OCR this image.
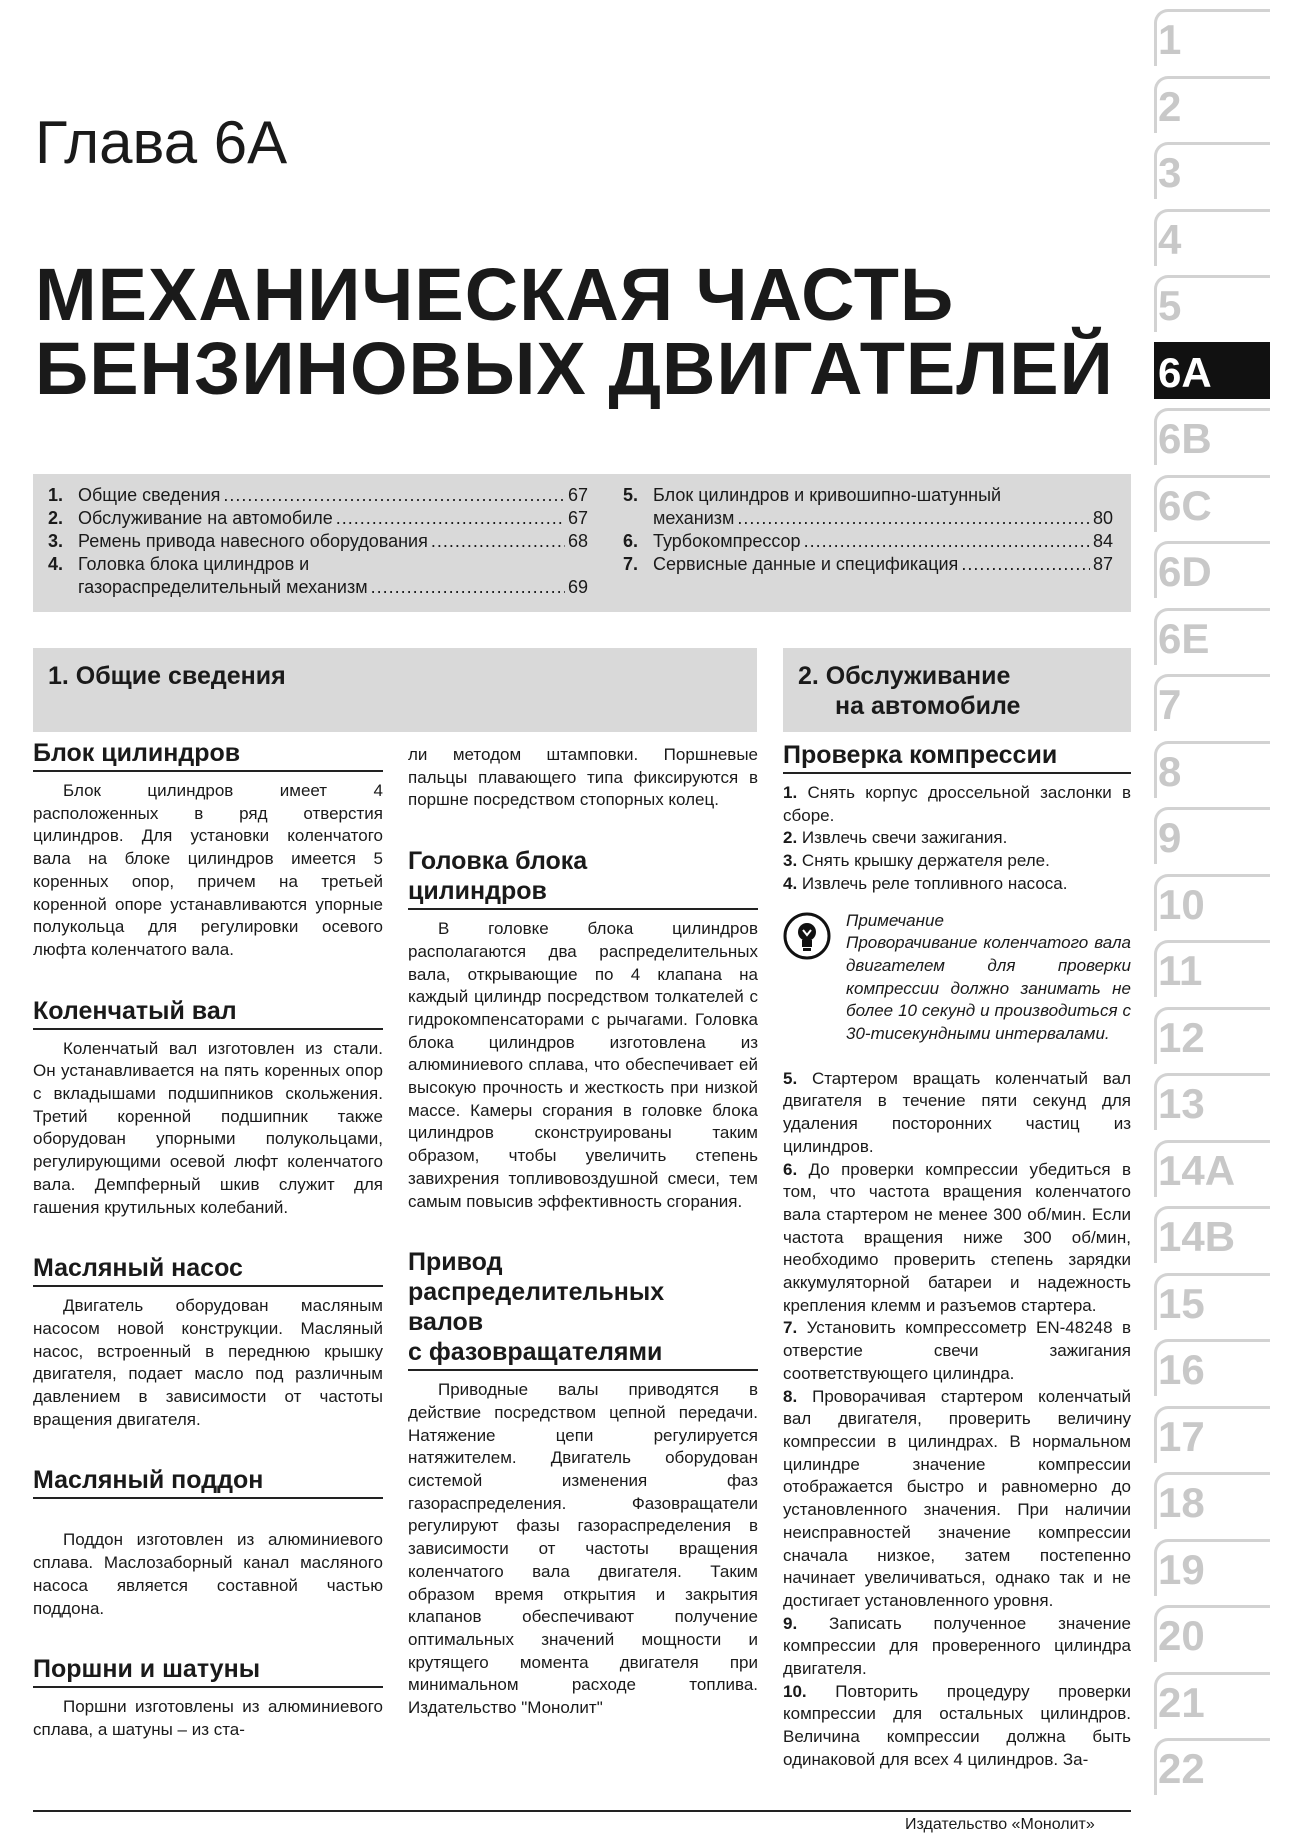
Глава 6А
МЕХАНИЧЕСКАЯ ЧАСТЬ
БЕНЗИНОВЫХ ДВИГАТЕЛЕЙ
1. Общие сведения .....	67
2. Обслуживание на автомобиле .....	67
3. Ремень привода навесного оборудования .....	68
4. Головка блока цилиндров и
газораспределительный механизм .....	69
5. Блок цилиндров и кривошипно-шатунный
механизм .....	80
6. Турбокомпрессор .....	84
7. Сервисные данные и спецификация .....	87
1. Общие сведения	2. Обслуживание
на автомобиле
Блок цилиндров

Блок цилиндров имеет 4 расположенных в ряд отверстия цилиндров. Для установки коленчатого вала на блоке цилиндров имеется 5 коренных опор, причем на третьей коренной опоре устанавливаются упорные полукольца для регулировки осевого люфта коленчатого вала.

Коленчатый вал

Коленчатый вал изготовлен из стали. Он устанавливается на пять коренных опор с вкладышами подшипников скольжения. Третий коренной подшипник также оборудован упорными полукольцами, регулирующими осевой люфт коленчатого вала. Демпферный шкив служит для гашения крутильных колебаний.

Масляный насос

Двигатель оборудован масляным насосом новой конструкции. Масляный насос, встроенный в переднюю крышку двигателя, подает масло под различным давлением в зависимости от частоты вращения двигателя.

Масляный поддон

Поддон изготовлен из алюминиевого сплава. Маслозаборный канал масляного насоса является составной частью поддона.

Поршни и шатуны

Поршни изготовлены из алюминиевого сплава, а шатуны – из ста-

ли методом штамповки. Поршневые пальцы плавающего типа фиксируются в поршне посредством стопорных колец.

Головка блока
цилиндров

В головке блока цилиндров располагаются два распределительных вала, открывающие по 4 клапана на каждый цилиндр посредством толкателей с гидрокомпенсаторами с рычагами. Головка блока цилиндров изготовлена из алюминиевого сплава, что обеспечивает ей высокую прочность и жесткость при низкой массе. Камеры сгорания в головке блока цилиндров сконструированы таким образом, чтобы увеличить степень завихрения топливовоздушной смеси, тем самым повысив эффективность сгорания.

Привод
распределительных
валов
с фазовращателями

Приводные валы приводятся в действие посредством цепной передачи. Натяжение цепи регулируется натяжителем. Двигатель оборудован системой изменения фаз газораспределения. Фазовращатели регулируют фазы газораспределения в зависимости от частоты вращения коленчатого вала двигателя. Таким образом время открытия и закрытия клапанов обеспечивают получение оптимальных значений мощности и крутящего момента двигателя при минимальном расходе топлива. Издательство "Монолит"

Проверка компрессии

1. Снять корпус дроссельной заслонки в сборе.

2. Извлечь свечи зажигания.

3. Снять крышку держателя реле.

4. Извлечь реле топливного насоса.

Примечание
Проворачивание коленчатого вала двигателем для проверки компрессии должно занимать не более 10 секунд и производиться с 30-тисекундными интервалами.

5. Стартером вращать коленчатый вал двигателя в течение пяти секунд для удаления посторонних частиц из цилиндров.

6. До проверки компрессии убедиться в том, что частота вращения коленчатого вала стартером не менее 300 об/мин. Если частота вращения ниже 300 об/мин, необходимо проверить степень зарядки аккумуляторной батареи и надежность крепления клемм и разъемов стартера.

7. Установить компрессометр EN-48248 в отверстие свечи зажигания соответствующего цилиндра.

8. Проворачивая стартером коленчатый вал двигателя, проверить величину компрессии в цилиндрах. В нормальном цилиндре значение компрессии отображается быстро и равномерно до установленного значения. При наличии неисправностей значение компрессии сначала низкое, затем постепенно начинает увеличиваться, однако так и не достигает установленного уровня.

9. Записать полученное значение компрессии для проверенного цилиндра двигателя.

10. Повторить процедуру проверки компрессии для остальных цилиндров. Величина компрессии должна быть одинаковой для всех 4 цилиндров. За-

1
2
3
4
5
6A
6B
6C
6D
6E
7
8
9
10
11
12
13
14A
14B
15
16
17
18
19
20
21
22
Издательство «Монолит»
